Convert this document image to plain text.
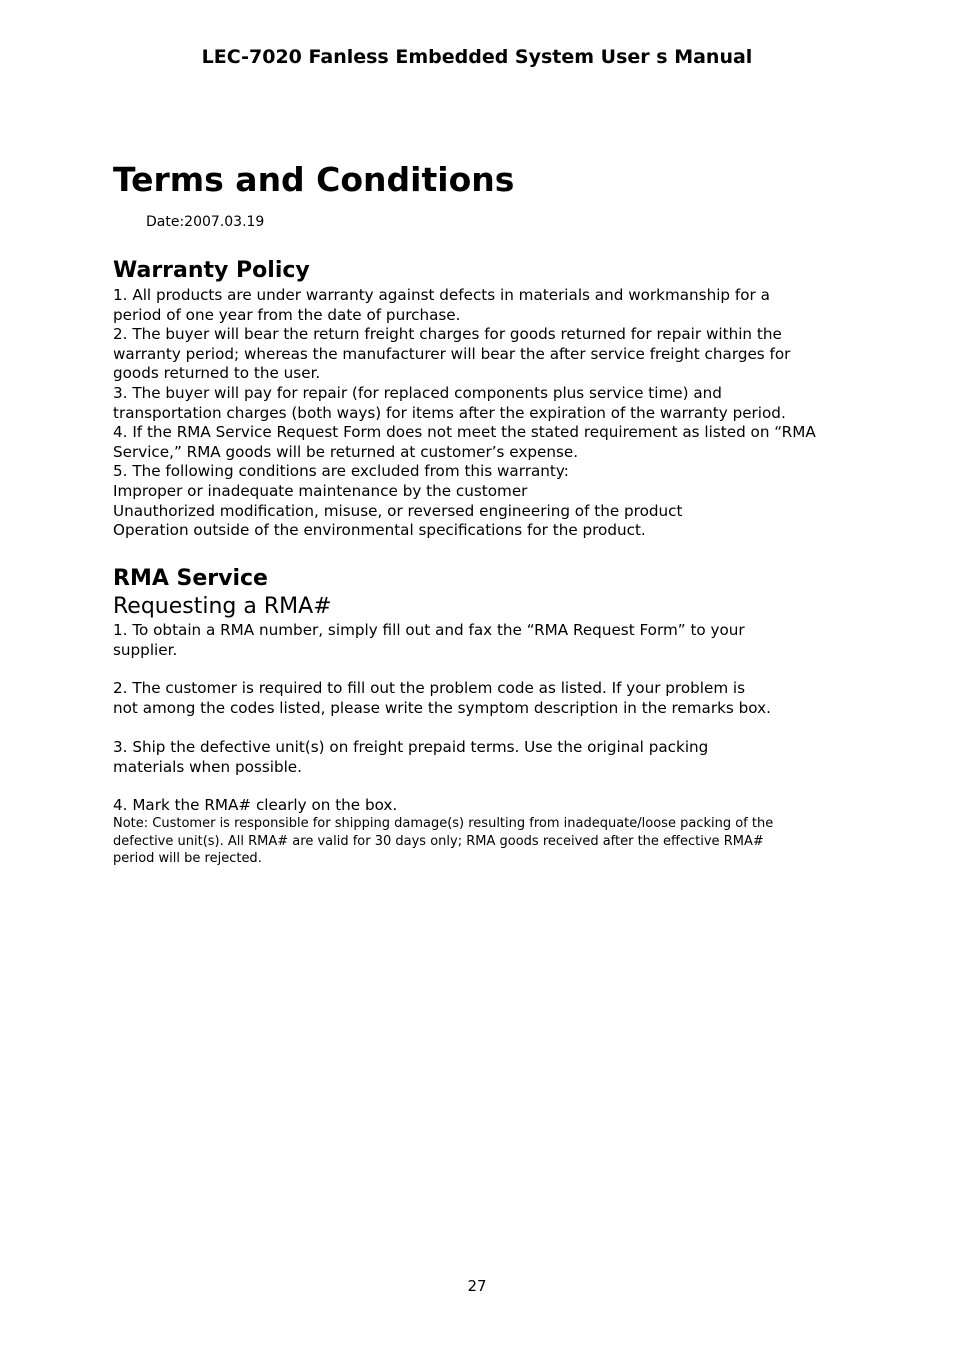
LEC-7020 Fanless Embedded System User s Manual
Terms and Conditions
Date:2007.03.19
Warranty Policy

1. All products are under warranty against defects in materials and workmanship for a

period of one year from the date of purchase.

2. The buyer will bear the return freight charges for goods returned for repair within the

warranty period; whereas the manufacturer will bear the after service freight charges for

goods returned to the user.

3. The buyer will pay for repair (for replaced components plus service time) and

transportation charges (both ways) for items after the expiration of the warranty period.

4. If the RMA Service Request Form does not meet the stated requirement as listed on “RMA

Service,” RMA goods will be returned at customer’s expense.

5. The following conditions are excluded from this warranty:

Improper or inadequate maintenance by the customer

Unauthorized modification, misuse, or reversed engineering of the product

Operation outside of the environmental specifications for the product.

RMA Service
Requesting a RMA#

1. To obtain a RMA number, simply fill out and fax the “RMA Request Form” to your

supplier.

2. The customer is required to fill out the problem code as listed. If your problem is

not among the codes listed, please write the symptom description in the remarks box.

3. Ship the defective unit(s) on freight prepaid terms. Use the original packing

materials when possible.

4. Mark the RMA# clearly on the box.

Note: Customer is responsible for shipping damage(s) resulting from inadequate/loose packing of the

defective unit(s). All RMA# are valid for 30 days only; RMA goods received after the effective RMA#

period will be rejected.

27
